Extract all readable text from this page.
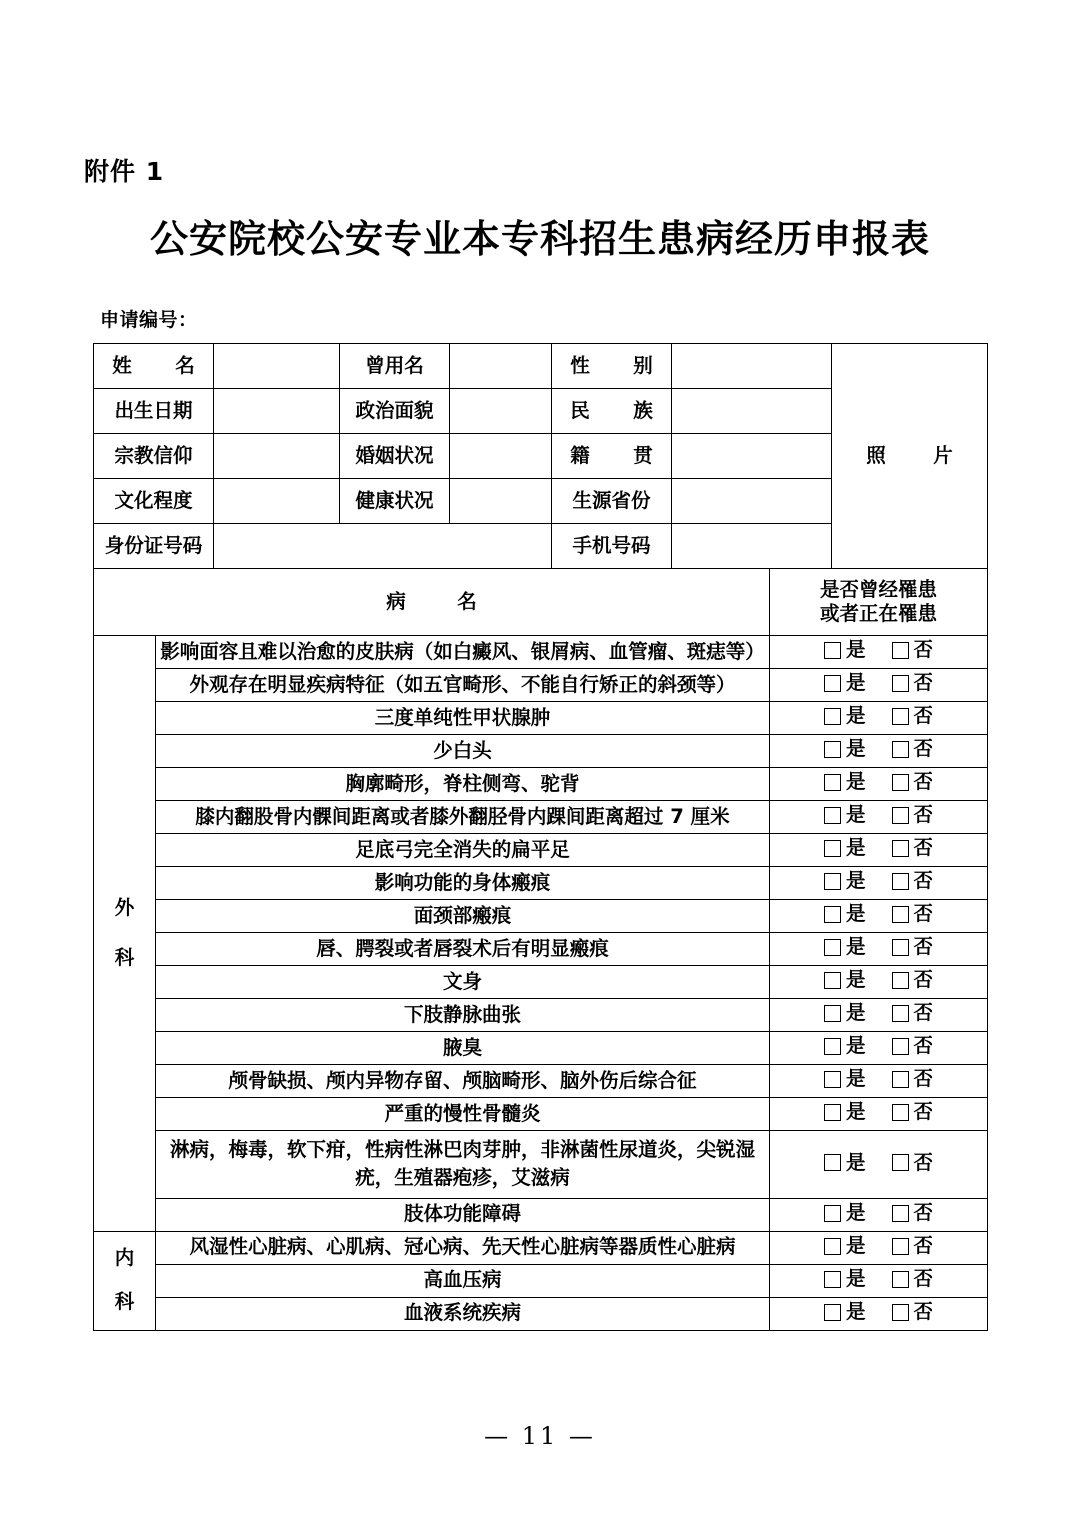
附件 1
公安院校公安专业本专科招生患病经历申报表
申请编号：
姓　名			曾用名		性　别			照　片
出生日期			政治面貌		民　族			
宗教信仰			婚姻状况		籍　贯			
文化程度			健康状况		生源省份			
身份证号码					手机号码			
病　名							是否曾经罹患
或者正在罹患	

外
科	影响面容且难以治愈的皮肤病（如白癜风、银屑病、血管瘤、斑痣等）						是 否	

	外观存在明显疾病特征（如五官畸形、不能自行矫正的斜颈等）						是 否	

	三度单纯性甲状腺肿						是 否	

	少白头						是 否	

	胸廓畸形，脊柱侧弯、驼背						是 否	

	膝内翻股骨内髁间距离或者膝外翻胫骨内踝间距离超过 7 厘米						是 否	

	足底弓完全消失的扁平足						是 否	

	影响功能的身体瘢痕						是 否	

	面颈部瘢痕						是 否	

	唇、腭裂或者唇裂术后有明显瘢痕						是 否	

	文身						是 否	

	下肢静脉曲张						是 否	

	腋臭						是 否	

	颅骨缺损、颅内异物存留、颅脑畸形、脑外伤后综合征						是 否	

	严重的慢性骨髓炎						是 否	

	淋病，梅毒，软下疳，性病性淋巴肉芽肿，非淋菌性尿道炎，尖锐湿疣，生殖器疱疹，艾滋病						是 否	

	肢体功能障碍						是 否	

内
科	风湿性心脏病、心肌病、冠心病、先天性心脏病等器质性心脏病						是 否	

	高血压病						是 否	

	血液系统疾病						是 否	
— 11 —
